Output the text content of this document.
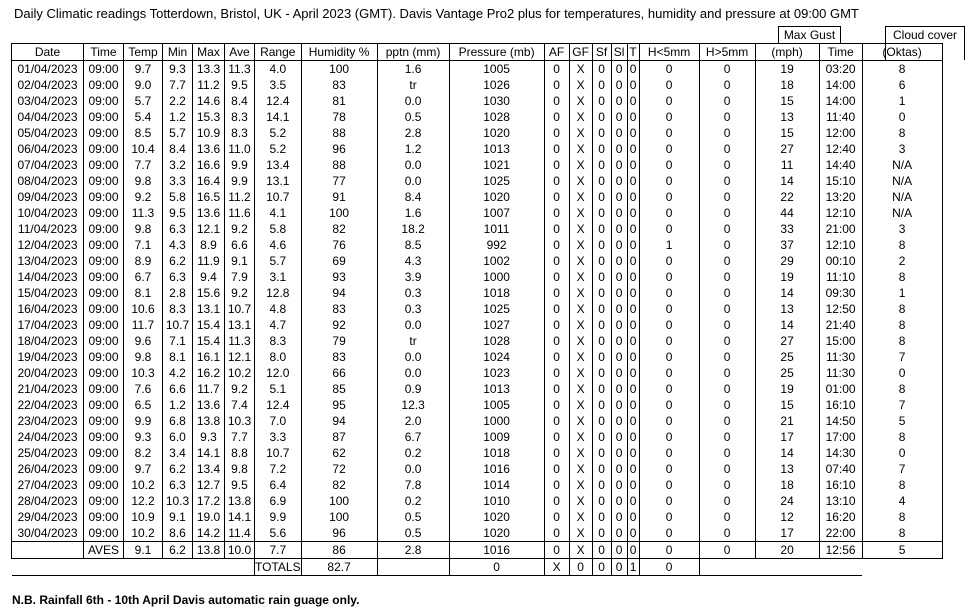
Daily Climatic readings Totterdown, Bristol, UK - April 2023 (GMT). Davis Vantage Pro2 plus for temperatures, humidity and pressure at 09:00 GMT
Max Gust	Cloud cover
Date	Time	Temp	Min	Max	Ave	Range	Humidity %	pptn (mm)	Pressure (mb)	AF	GF	Sf	Sl	T	H<5mm	H>5mm	(mph)	Time	(Oktas)
01/04/2023	09:00	9.7	9.3	13.3	11.3	4.0	100	1.6	1005	0	X	0	0	0	0	0	19	03:20	8
02/04/2023	09:00	9.0	7.7	11.2	9.5	3.5	83	tr	1026	0	X	0	0	0	0	0	18	14:00	6
03/04/2023	09:00	5.7	2.2	14.6	8.4	12.4	81	0.0	1030	0	X	0	0	0	0	0	15	14:00	1
04/04/2023	09:00	5.4	1.2	15.3	8.3	14.1	78	0.5	1028	0	X	0	0	0	0	0	13	11:40	0
05/04/2023	09:00	8.5	5.7	10.9	8.3	5.2	88	2.8	1020	0	X	0	0	0	0	0	15	12:00	8
06/04/2023	09:00	10.4	8.4	13.6	11.0	5.2	96	1.2	1013	0	X	0	0	0	0	0	27	12:40	3
07/04/2023	09:00	7.7	3.2	16.6	9.9	13.4	88	0.0	1021	0	X	0	0	0	0	0	11	14:40	N/A
08/04/2023	09:00	9.8	3.3	16.4	9.9	13.1	77	0.0	1025	0	X	0	0	0	0	0	14	15:10	N/A
09/04/2023	09:00	9.2	5.8	16.5	11.2	10.7	91	8.4	1020	0	X	0	0	0	0	0	22	13:20	N/A
10/04/2023	09:00	11.3	9.5	13.6	11.6	4.1	100	1.6	1007	0	X	0	0	0	0	0	44	12:10	N/A
11/04/2023	09:00	9.8	6.3	12.1	9.2	5.8	82	18.2	1011	0	X	0	0	0	0	0	33	21:00	3
12/04/2023	09:00	7.1	4.3	8.9	6.6	4.6	76	8.5	992	0	X	0	0	0	1	0	37	12:10	8
13/04/2023	09:00	8.9	6.2	11.9	9.1	5.7	69	4.3	1002	0	X	0	0	0	0	0	29	00:10	2
14/04/2023	09:00	6.7	6.3	9.4	7.9	3.1	93	3.9	1000	0	X	0	0	0	0	0	19	11:10	8
15/04/2023	09:00	8.1	2.8	15.6	9.2	12.8	94	0.3	1018	0	X	0	0	0	0	0	14	09:30	1
16/04/2023	09:00	10.6	8.3	13.1	10.7	4.8	83	0.3	1025	0	X	0	0	0	0	0	13	12:50	8
17/04/2023	09:00	11.7	10.7	15.4	13.1	4.7	92	0.0	1027	0	X	0	0	0	0	0	14	21:40	8
18/04/2023	09:00	9.6	7.1	15.4	11.3	8.3	79	tr	1028	0	X	0	0	0	0	0	27	15:00	8
19/04/2023	09:00	9.8	8.1	16.1	12.1	8.0	83	0.0	1024	0	X	0	0	0	0	0	25	11:30	7
20/04/2023	09:00	10.3	4.2	16.2	10.2	12.0	66	0.0	1023	0	X	0	0	0	0	0	25	11:30	0
21/04/2023	09:00	7.6	6.6	11.7	9.2	5.1	85	0.9	1013	0	X	0	0	0	0	0	19	01:00	8
22/04/2023	09:00	6.5	1.2	13.6	7.4	12.4	95	12.3	1005	0	X	0	0	0	0	0	15	16:10	7
23/04/2023	09:00	9.9	6.8	13.8	10.3	7.0	94	2.0	1000	0	X	0	0	0	0	0	21	14:50	5
24/04/2023	09:00	9.3	6.0	9.3	7.7	3.3	87	6.7	1009	0	X	0	0	0	0	0	17	17:00	8
25/04/2023	09:00	8.2	3.4	14.1	8.8	10.7	62	0.2	1018	0	X	0	0	0	0	0	14	14:30	0
26/04/2023	09:00	9.7	6.2	13.4	9.8	7.2	72	0.0	1016	0	X	0	0	0	0	0	13	07:40	7
27/04/2023	09:00	10.2	6.3	12.7	9.5	6.4	82	7.8	1014	0	X	0	0	0	0	0	18	16:10	8
28/04/2023	09:00	12.2	10.3	17.2	13.8	6.9	100	0.2	1010	0	X	0	0	0	0	0	24	13:10	4
29/04/2023	09:00	10.9	9.1	19.0	14.1	9.9	100	0.5	1020	0	X	0	0	0	0	0	12	16:20	8
30/04/2023	09:00	10.2	8.6	14.2	11.4	5.6	96	0.5	1020	0	X	0	0	0	0	0	17	22:00	8
	AVES	9.1	6.2	13.8	10.0	7.7	86	2.8	1016	0	X	0	0	0	0	0	20	12:56	5
						TOTALS	82.7		0	X	0	0	0	1	0				
N.B. Rainfall 6th - 10th April Davis automatic rain guage only.
